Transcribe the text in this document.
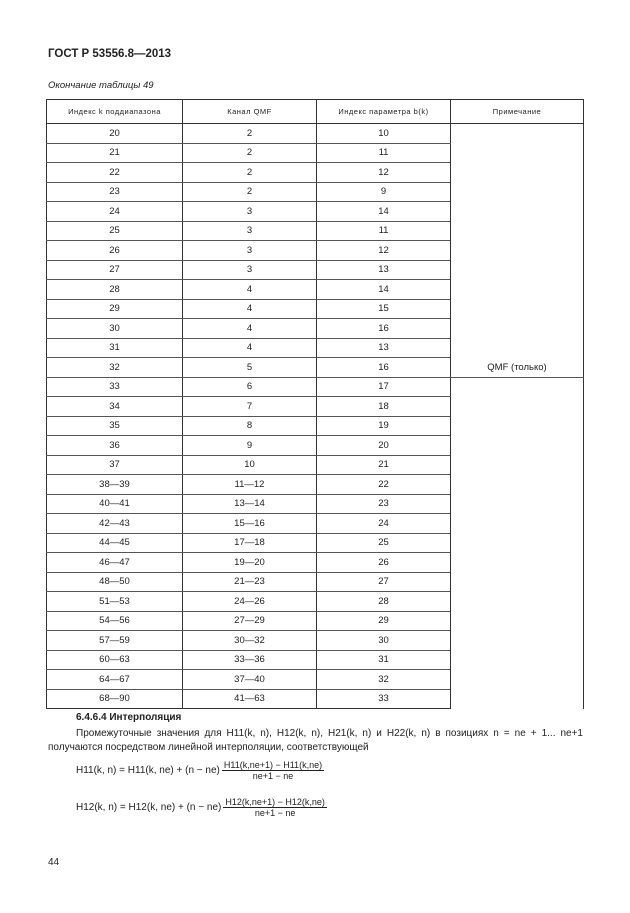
ГОСТ Р 53556.8—2013
Окончание таблицы 49
Индекс k поддиапазона	Канал QMF	Индекс параметра b(k)	Примечание
20	2	10	
21	2	11	
22	2	12	
23	2	9	
24	3	14	
25	3	11	
26	3	12	
27	3	13	
28	4	14	
29	4	15	
30	4	16	
31	4	13	
32	5	16	QMF (только)
33	6	17	
34	7	18	
35	8	19	
36	9	20	
37	10	21	
38—39	11—12	22	
40—41	13—14	23	
42—43	15—16	24	
44—45	17—18	25	
46—47	19—20	26	
48—50	21—23	27	
51—53	24—26	28	
54—56	27—29	29	
57—59	30—32	30	
60—63	33—36	31	
64—67	37—40	32	
68—90	41—63	33	
6.4.6.4 Интерполяция
Промежуточные значения для H11(k, n), H12(k, n), H21(k, n) и H22(k, n) в позициях n = ne + 1... ne+1 получаются посредством линейной интерполяции, соответствующей
H11(k, n) = H11(k, $ne) + (n - ne) \frac{H11(k,ne+1) - H11(k,ne)}{ne+1 - ne}$
H12(k, n) = H12(k, $ne) + (n - ne) \frac{H12(k,ne+1) - H12(k,ne)}{ne+1 - ne}$
44
